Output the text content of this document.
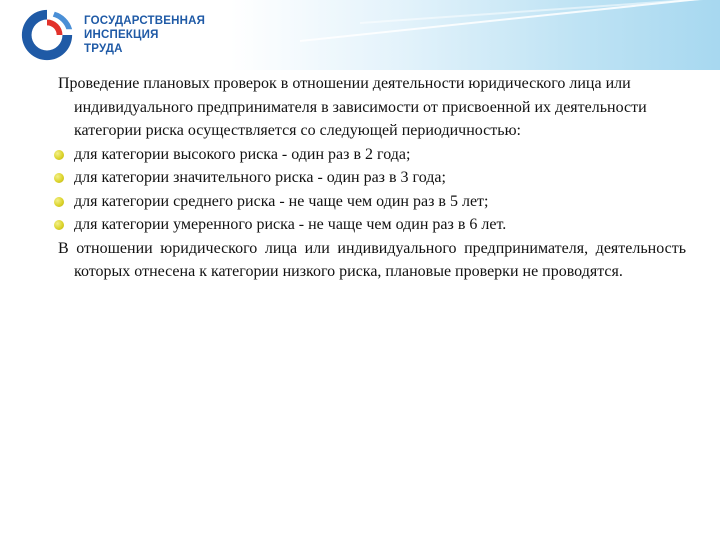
ГОСУДАРСТВЕННАЯ
ИНСПЕКЦИЯ
ТРУДА

Проведение плановых проверок в отношении деятельности юридического лица или индивидуального предпринимателя в зависимости от присвоенной их деятельности категории риска осуществляется со следующей периодичностью:

для категории высокого риска - один раз в 2 года;
для категории значительного риска - один раз в 3 года;
для категории среднего риска - не чаще чем один раз в 5 лет;
для категории умеренного риска - не чаще чем один раз в 6 лет.

В отношении юридического лица или индивидуального предпринимателя, деятельность которых отнесена к категории низкого риска, плановые проверки не проводятся.
